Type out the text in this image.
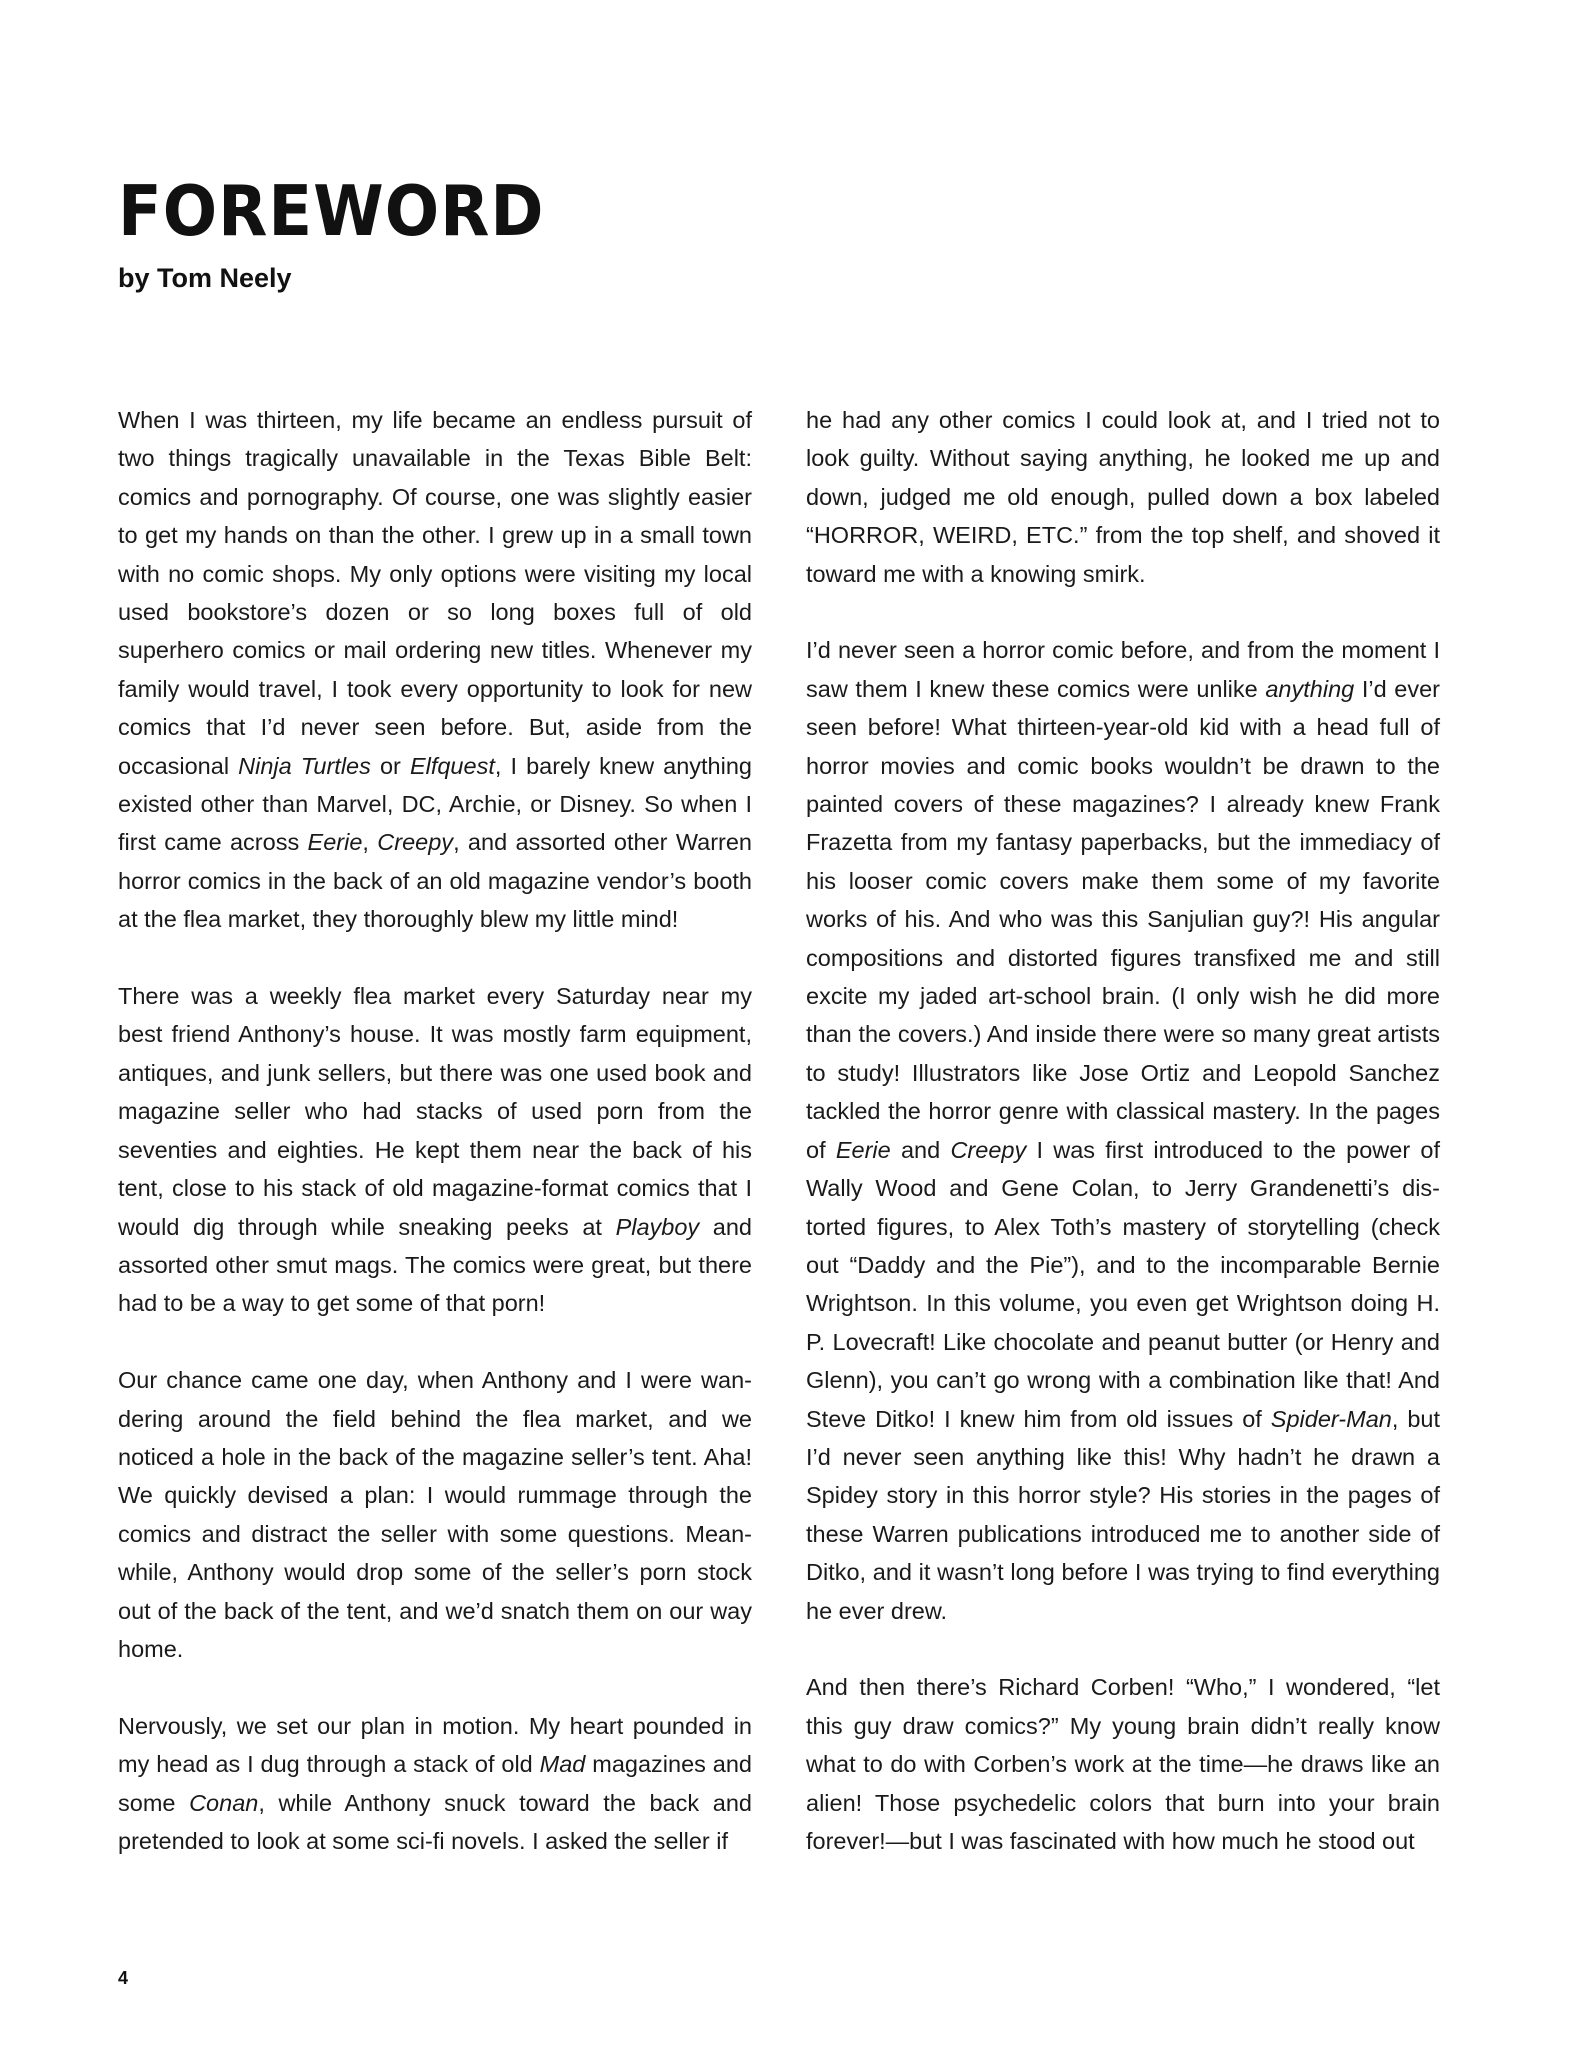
FOREWORD
by Tom Neely

When I was thirteen, my life became an endless pursuit of two things tragically unavailable in the Texas Bible Belt: comics and pornography. Of course, one was slightly easier to get my hands on than the other. I grew up in a small town with no comic shops. My only options were visiting my local used bookstore’s dozen or so long boxes full of old superhero comics or mail ordering new titles. Whenever my family would travel, I took every opportunity to look for new comics that I’d never seen before. But, aside from the occasional Ninja Turtles or Elfquest, I barely knew anything existed other than Marvel, DC, Archie, or Disney. So when I first came across Eerie, Creepy, and assorted other Warren horror comics in the back of an old magazine vendor’s booth at the flea market, they thoroughly blew my little mind!

There was a weekly flea market every Saturday near my best friend Anthony’s house. It was mostly farm equipment, antiques, and junk sellers, but there was one used book and magazine seller who had stacks of used porn from the seventies and eighties. He kept them near the back of his tent, close to his stack of old magazine-format comics that I would dig through while sneaking peeks at Playboy and assorted other smut mags. The comics were great, but there had to be a way to get some of that porn!

Our chance came one day, when Anthony and I were wandering around the field behind the flea market, and we noticed a hole in the back of the magazine seller’s tent. Aha! We quickly devised a plan: I would rummage through the comics and distract the seller with some questions. Meanwhile, Anthony would drop some of the seller’s porn stock out of the back of the tent, and we’d snatch them on our way home.

Nervously, we set our plan in motion. My heart pounded in my head as I dug through a stack of old Mad magazines and some Conan, while Anthony snuck toward the back and pretended to look at some sci-fi novels. I asked the seller if

he had any other comics I could look at, and I tried not to look guilty. Without saying anything, he looked me up and down, judged me old enough, pulled down a box labeled “HORROR, WEIRD, ETC.” from the top shelf, and shoved it toward me with a knowing smirk.

I’d never seen a horror comic before, and from the moment I saw them I knew these comics were unlike anything I’d ever seen before! What thirteen-year-old kid with a head full of horror movies and comic books wouldn’t be drawn to the painted covers of these magazines? I already knew Frank Frazetta from my fantasy paperbacks, but the immediacy of his looser comic covers make them some of my favorite works of his. And who was this Sanjulian guy?! His angular compositions and distorted figures transfixed me and still excite my jaded art-school brain. (I only wish he did more than the covers.) And inside there were so many great artists to study! Illustrators like Jose Ortiz and Leopold Sanchez tackled the horror genre with classical mastery. In the pages of Eerie and Creepy I was first introduced to the power of Wally Wood and Gene Colan, to Jerry Grandenetti’s distorted figures, to Alex Toth’s mastery of storytelling (check out “Daddy and the Pie”), and to the incomparable Bernie Wrightson. In this volume, you even get Wrightson doing H. P. Lovecraft! Like chocolate and peanut butter (or Henry and Glenn), you can’t go wrong with a combination like that! And Steve Ditko! I knew him from old issues of Spider-Man, but I’d never seen anything like this! Why hadn’t he drawn a Spidey story in this horror style? His stories in the pages of these Warren publications introduced me to another side of Ditko, and it wasn’t long before I was trying to find everything he ever drew.

And then there’s Richard Corben! “Who,” I wondered, “let this guy draw comics?” My young brain didn’t really know what to do with Corben’s work at the time—he draws like an alien! Those psychedelic colors that burn into your brain forever!—but I was fascinated with how much he stood out

4
